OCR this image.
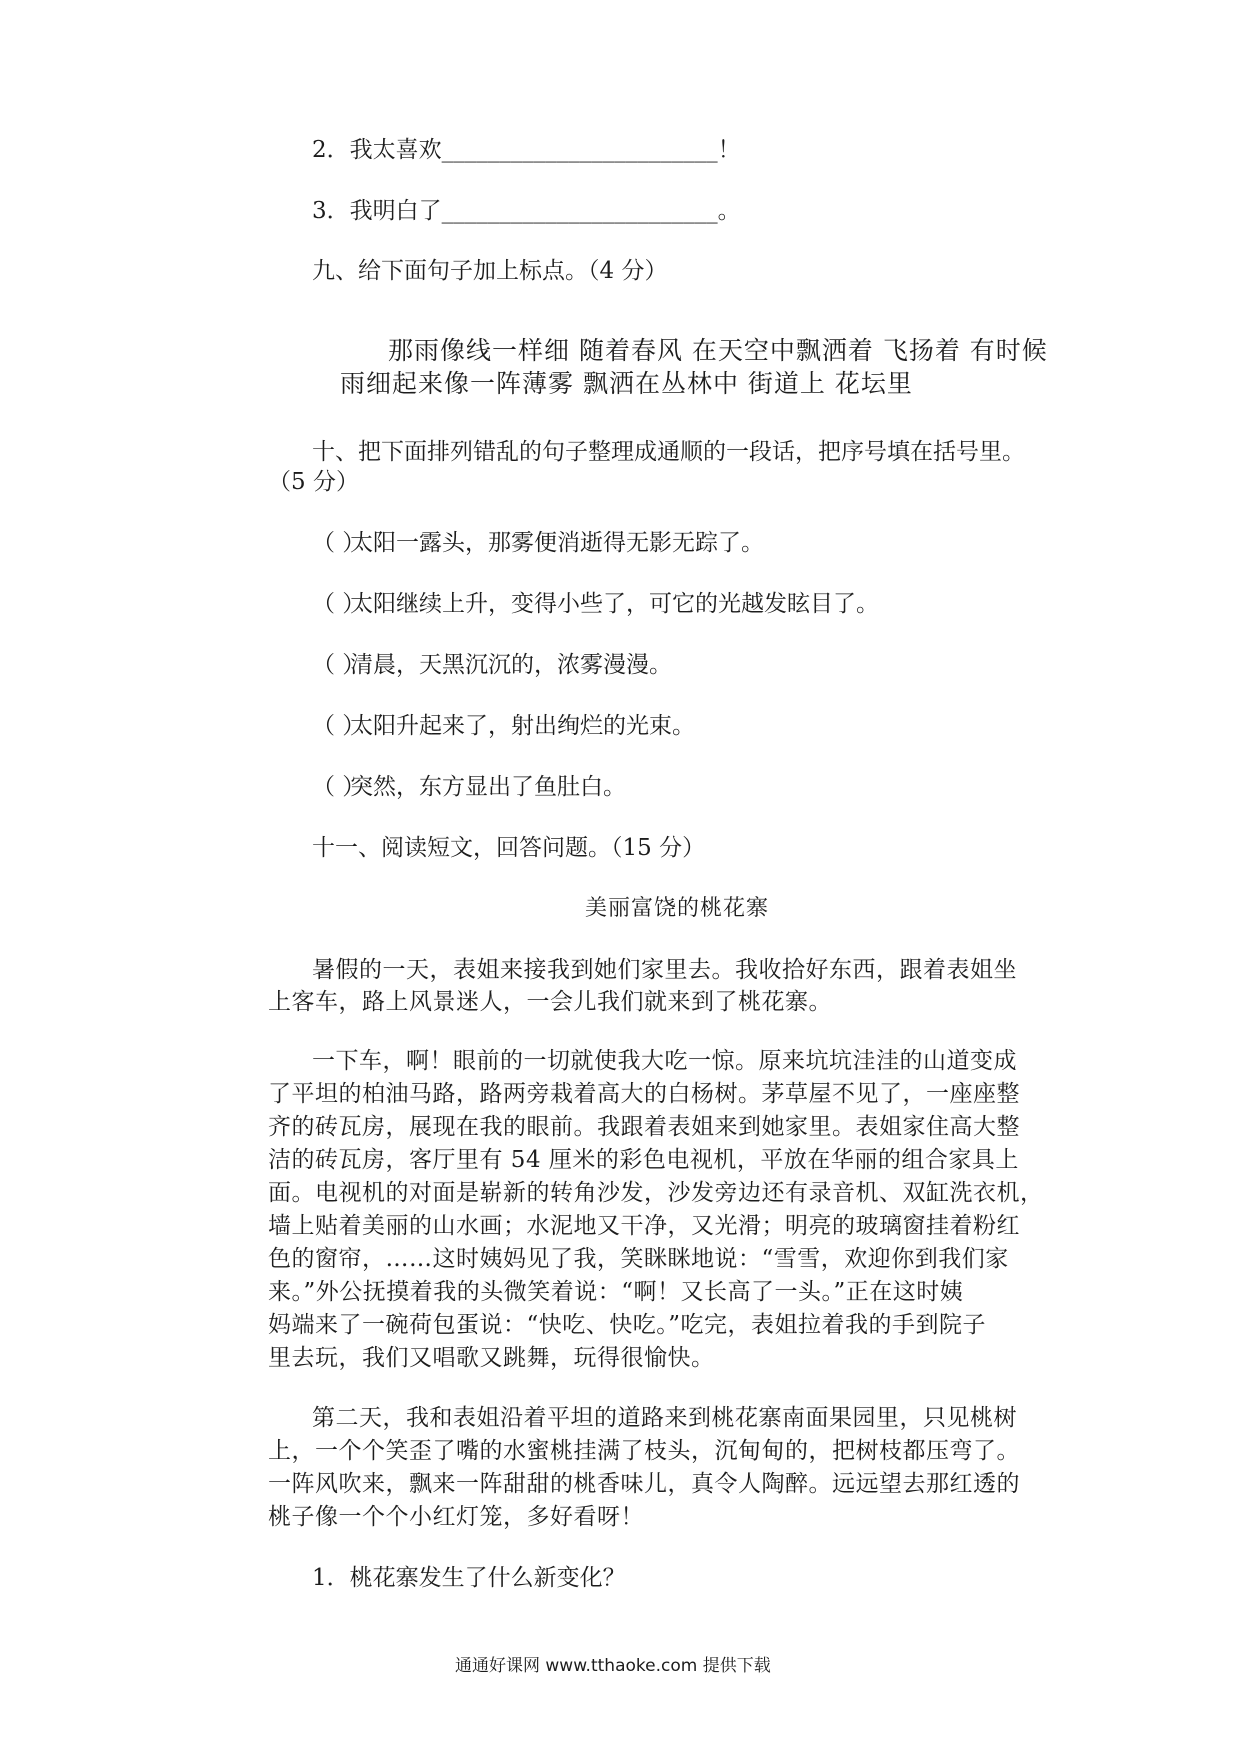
2．我太喜欢________________________！
3．我明白了________________________。
九、给下面句子加上标点。（4 分）
那雨像线一样细 随着春风 在天空中飘洒着 飞扬着 有时候
雨细起来像一阵薄雾 飘洒在丛林中 街道上 花坛里
十、把下面排列错乱的句子整理成通顺的一段话，把序号填在括号里。
（5 分）
（ ）太阳一露头，那雾便消逝得无影无踪了。
（ ）太阳继续上升，变得小些了，可它的光越发眩目了。
（ ）清晨，天黑沉沉的，浓雾漫漫。
（ ）太阳升起来了，射出绚烂的光束。
（ ）突然，东方显出了鱼肚白。
十一、阅读短文，回答问题。（15 分）
美丽富饶的桃花寨
暑假的一天，表姐来接我到她们家里去。我收拾好东西，跟着表姐坐
上客车，路上风景迷人，一会儿我们就来到了桃花寨。
一下车，啊！眼前的一切就使我大吃一惊。原来坑坑洼洼的山道变成
了平坦的柏油马路，路两旁栽着高大的白杨树。茅草屋不见了，一座座整
齐的砖瓦房，展现在我的眼前。我跟着表姐来到她家里。表姐家住高大整
洁的砖瓦房，客厅里有 54 厘米的彩色电视机，平放在华丽的组合家具上
面。电视机的对面是崭新的转角沙发，沙发旁边还有录音机、双缸洗衣机，
墙上贴着美丽的山水画；水泥地又干净，又光滑；明亮的玻璃窗挂着粉红
色的窗帘，……这时姨妈见了我，笑眯眯地说：“雪雪，欢迎你到我们家
来。”外公抚摸着我的头微笑着说：“啊！又长高了一头。”正在这时姨
妈端来了一碗荷包蛋说：“快吃、快吃。”吃完，表姐拉着我的手到院子
里去玩，我们又唱歌又跳舞，玩得很愉快。
第二天，我和表姐沿着平坦的道路来到桃花寨南面果园里，只见桃树
上，一个个笑歪了嘴的水蜜桃挂满了枝头，沉甸甸的，把树枝都压弯了。
一阵风吹来，飘来一阵甜甜的桃香味儿，真令人陶醉。远远望去那红透的
桃子像一个个小红灯笼，多好看呀！
1．桃花寨发生了什么新变化？
通通好课网 www.tthaoke.com 提供下载
